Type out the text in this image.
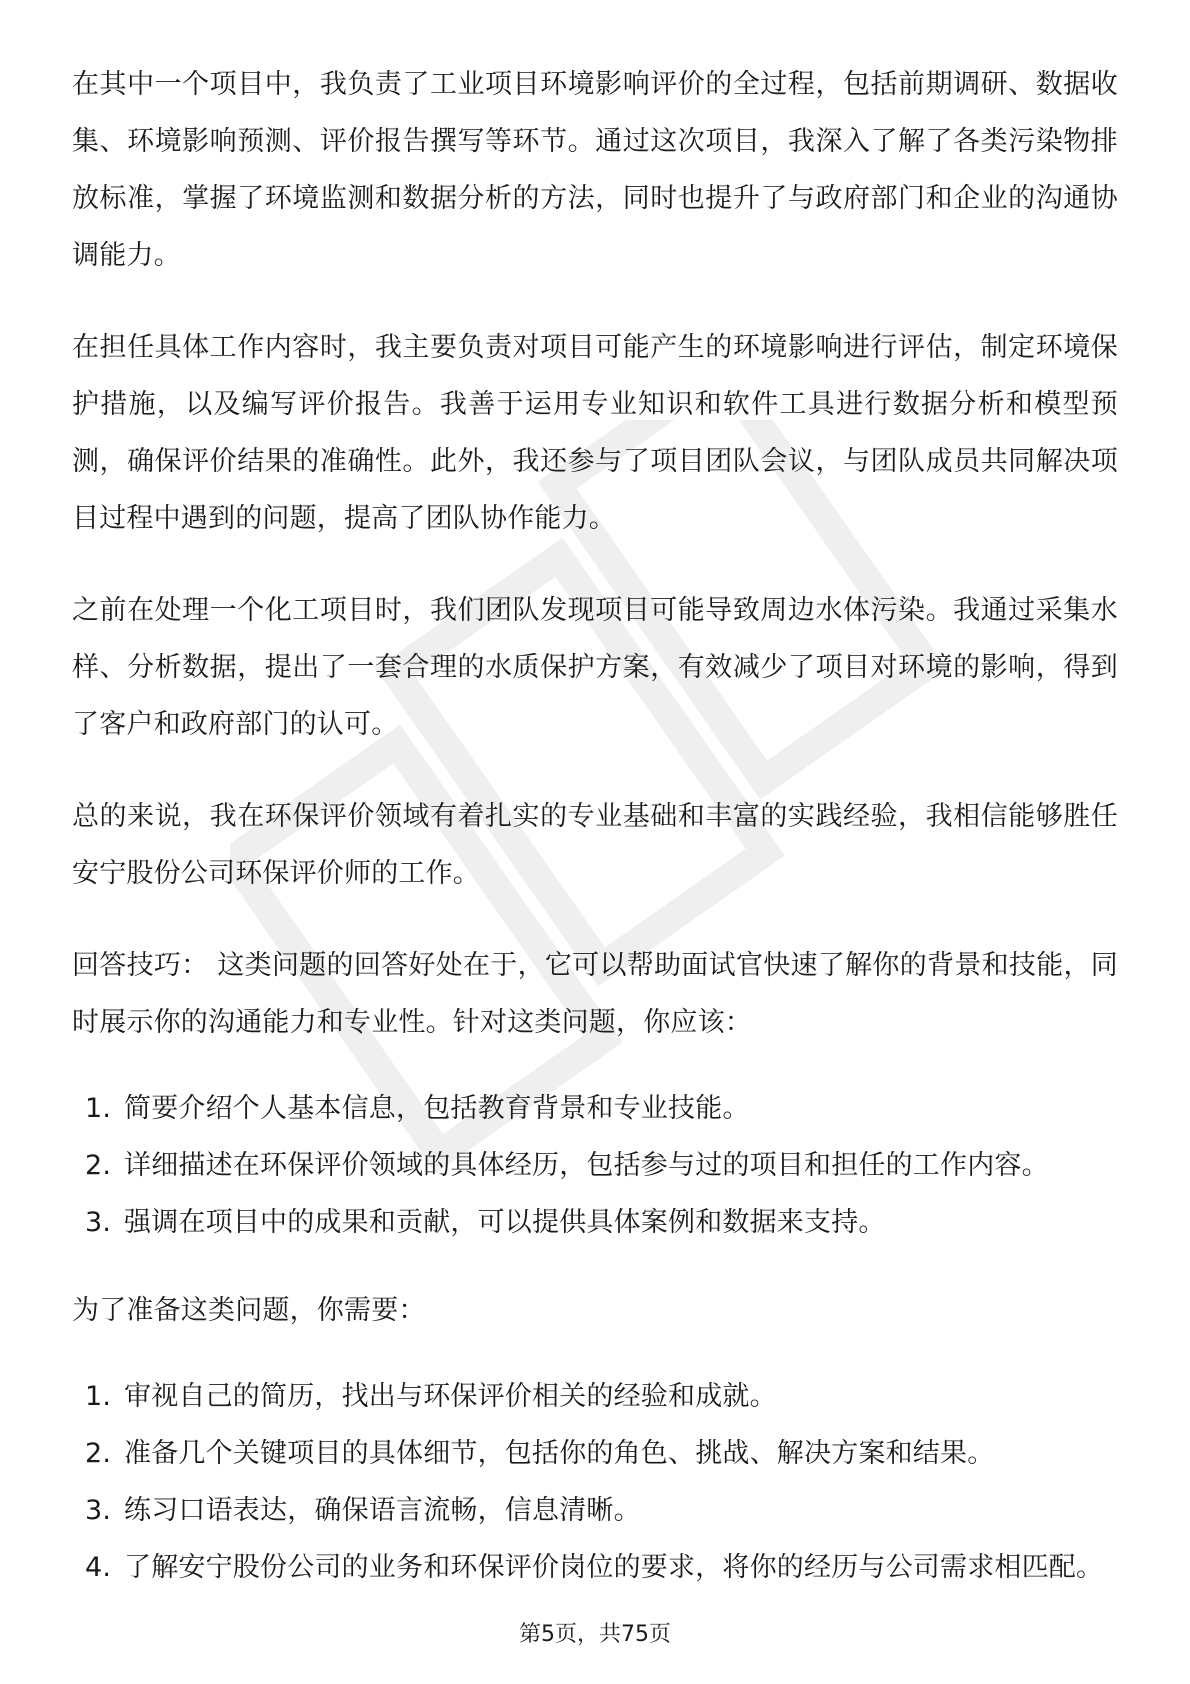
在其中一个项目中，我负责了工业项目环境影响评价的全过程，包括前期调研、数据收集、环境影响预测、评价报告撰写等环节。通过这次项目，我深入了解了各类污染物排放标准，掌握了环境监测和数据分析的方法，同时也提升了与政府部门和企业的沟通协调能力。

在担任具体工作内容时，我主要负责对项目可能产生的环境影响进行评估，制定环境保护措施，以及编写评价报告。我善于运用专业知识和软件工具进行数据分析和模型预测，确保评价结果的准确性。此外，我还参与了项目团队会议，与团队成员共同解决项目过程中遇到的问题，提高了团队协作能力。

之前在处理一个化工项目时，我们团队发现项目可能导致周边水体污染。我通过采集水样、分析数据，提出了一套合理的水质保护方案，有效减少了项目对环境的影响，得到了客户和政府部门的认可。

总的来说，我在环保评价领域有着扎实的专业基础和丰富的实践经验，我相信能够胜任安宁股份公司环保评价师的工作。

回答技巧： 这类问题的回答好处在于，它可以帮助面试官快速了解你的背景和技能，同时展示你的沟通能力和专业性。针对这类问题，你应该：

1. 简要介绍个人基本信息，包括教育背景和专业技能。
2. 详细描述在环保评价领域的具体经历，包括参与过的项目和担任的工作内容。
3. 强调在项目中的成果和贡献，可以提供具体案例和数据来支持。

为了准备这类问题，你需要：

1. 审视自己的简历，找出与环保评价相关的经验和成就。
2. 准备几个关键项目的具体细节，包括你的角色、挑战、解决方案和结果。
3. 练习口语表达，确保语言流畅，信息清晰。
4. 了解安宁股份公司的业务和环保评价岗位的要求，将你的经历与公司需求相匹配。
第5页，共75页
